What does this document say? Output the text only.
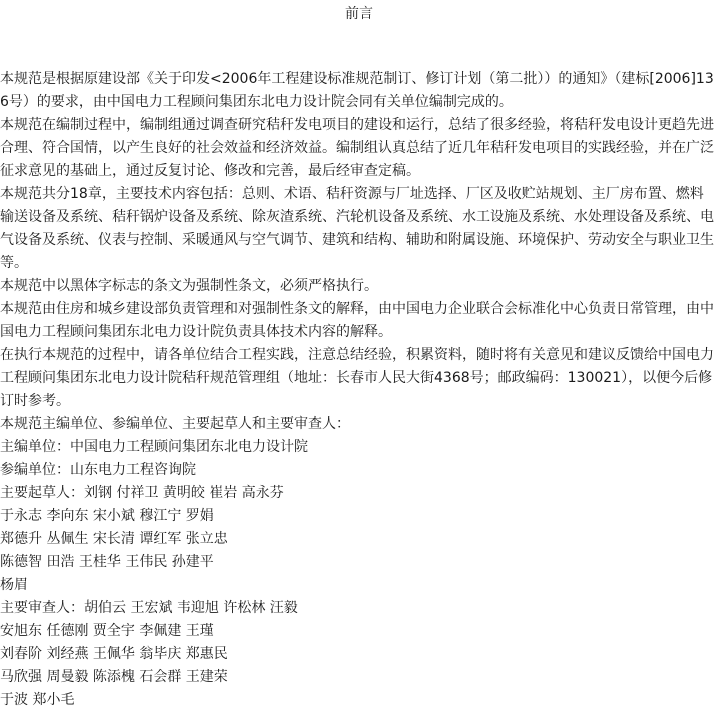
前言

本规范是根据原建设部《关于印发<2006年工程建设标准规范制订、修订计划（第二批））的通知》（建标[2006]136号）的要求，由中国电力工程顾问集团东北电力设计院会同有关单位编制完成的。

本规范在编制过程中，编制组通过调查研究秸秆发电项目的建设和运行，总结了很多经验，将秸秆发电设计更趋先进合理、符合国情，以产生良好的社会效益和经济效益。编制组认真总结了近几年秸秆发电项目的实践经验，并在广泛征求意见的基础上，通过反复讨论、修改和完善，最后经审查定稿。

本规范共分18章，主要技术内容包括：总则、术语、秸秆资源与厂址选择、厂区及收贮站规划、主厂房布置、燃料输送设备及系统、秸秆锅炉设备及系统、除灰渣系统、汽轮机设备及系统、水工设施及系统、水处理设备及系统、电气设备及系统、仪表与控制、采暖通风与空气调节、建筑和结构、辅助和附属设施、环境保护、劳动安全与职业卫生等。

本规范中以黑体字标志的条文为强制性条文，必须严格执行。

本规范由住房和城乡建设部负责管理和对强制性条文的解释，由中国电力企业联合会标准化中心负责日常管理，由中国电力工程顾问集团东北电力设计院负责具体技术内容的解释。

在执行本规范的过程中，请各单位结合工程实践，注意总结经验，积累资料，随时将有关意见和建议反馈给中国电力工程顾问集团东北电力设计院秸秆规范管理组（地址：长春市人民大街4368号；邮政编码：130021），以便今后修订时参考。

本规范主编单位、参编单位、主要起草人和主要审查人：

主编单位：中国电力工程顾问集团东北电力设计院

参编单位：山东电力工程咨询院

主要起草人：刘钢 付祥卫 黄明皎 崔岩 高永芬

于永志 李向东 宋小斌 穆江宁 罗娟

郑德升 丛佩生 宋长清 谭红军 张立忠

陈德智 田浩 王桂华 王伟民 孙建平

杨眉

主要审查人：胡伯云 王宏斌 韦迎旭 许松林 汪毅

安旭东 任德刚 贾全宇 李佩建 王瑾

刘春阶 刘经燕 王佩华 翁毕庆 郑惠民

马欣强 周曼毅 陈添槐 石会群 王建荣

于波 郑小毛
